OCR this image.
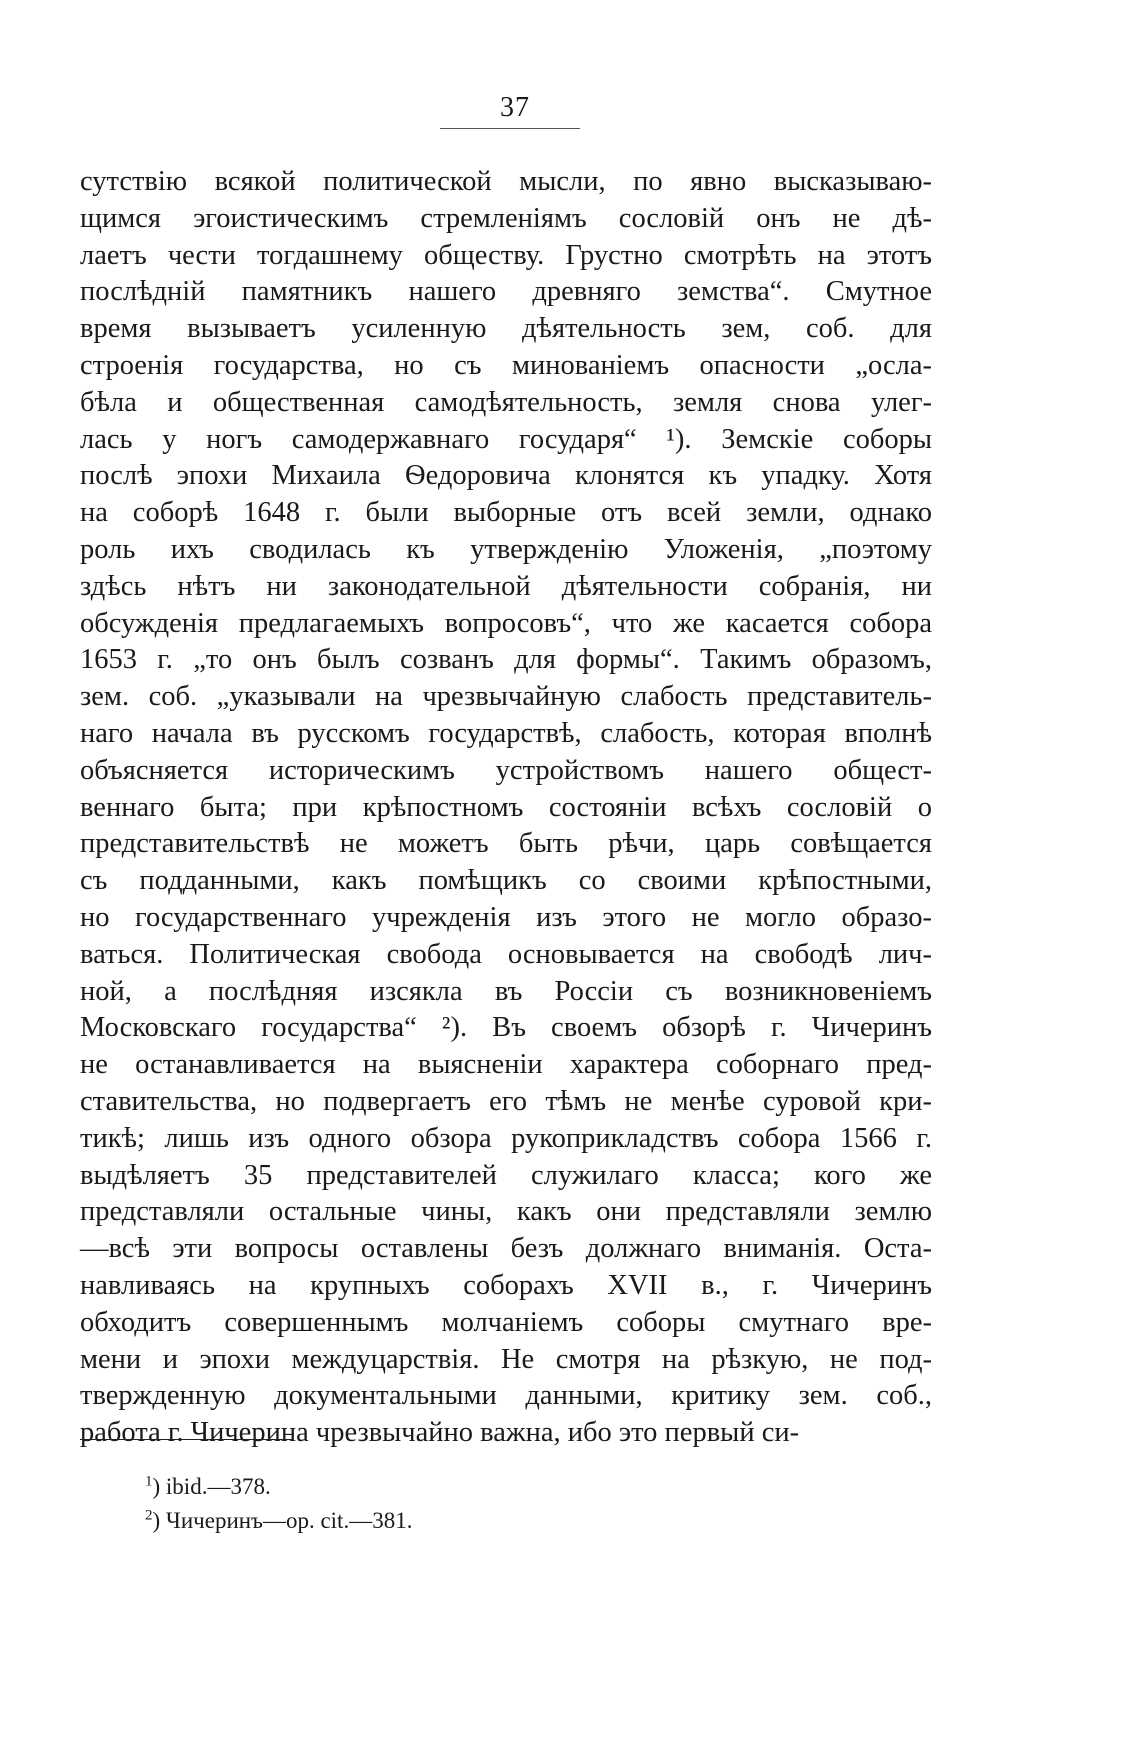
37
сутствію всякой политической мысли, по явно высказываю-
щимся эгоистическимъ стремленіямъ сословій онъ не дѣ-
лаетъ чести тогдашнему обществу. Грустно смотрѣть на этотъ
послѣдній памятникъ нашего древняго земства“. Смутное
время вызываетъ усиленную дѣятельность зем, соб. для
строенія государства, но съ минованіемъ опасности „осла-
бѣла и общественная самодѣятельность, земля снова улег-
лась у ногъ самодержавнаго государя“ ¹). Земскіе соборы
послѣ эпохи Михаила Ѳедоровича клонятся къ упадку. Хотя
на соборѣ 1648 г. были выборные отъ всей земли, однако
роль ихъ сводилась къ утвержденію Уложенія, „поэтому
здѣсь нѣтъ ни законодательной дѣятельности собранія, ни
обсужденія предлагаемыхъ вопросовъ“, что же касается собора
1653 г. „то онъ былъ созванъ для формы“. Такимъ образомъ,
зем. соб. „указывали на чрезвычайную слабость представитель-
наго начала въ русскомъ государствѣ, слабость, которая вполнѣ
объясняется историческимъ устройствомъ нашего общест-
веннаго быта; при крѣпостномъ состояніи всѣхъ сословій о
представительствѣ не можетъ быть рѣчи, царь совѣщается
съ подданными, какъ помѣщикъ со своими крѣпостными,
но государственнаго учрежденія изъ этого не могло образо-
ваться. Политическая свобода основывается на свободѣ лич-
ной, а послѣдняя изсякла въ Россіи съ возникновеніемъ
Московскаго государства“ ²). Въ своемъ обзорѣ г. Чичеринъ
не останавливается на выясненіи характера соборнаго пред-
ставительства, но подвергаетъ его тѣмъ не менѣе суровой кри-
тикѣ; лишь изъ одного обзора рукоприкладствъ собора 1566 г.
выдѣляетъ 35 представителей служилаго класса; кого же
представляли остальные чины, какъ они представляли землю
—всѣ эти вопросы оставлены безъ должнаго вниманія. Оста-
навливаясь на крупныхъ соборахъ XVII в., г. Чичеринъ
обходитъ совершеннымъ молчаніемъ соборы смутнаго вре-
мени и эпохи междуцарствія. Не смотря на рѣзкую, не под-
твержденную документальными данными, критику зем. соб.,
работа г. Чичерина чрезвычайно важна, ибо это первый си-
$^1$) ibid.—378.
$^2$) Чичеринъ—op. cit.—381.
